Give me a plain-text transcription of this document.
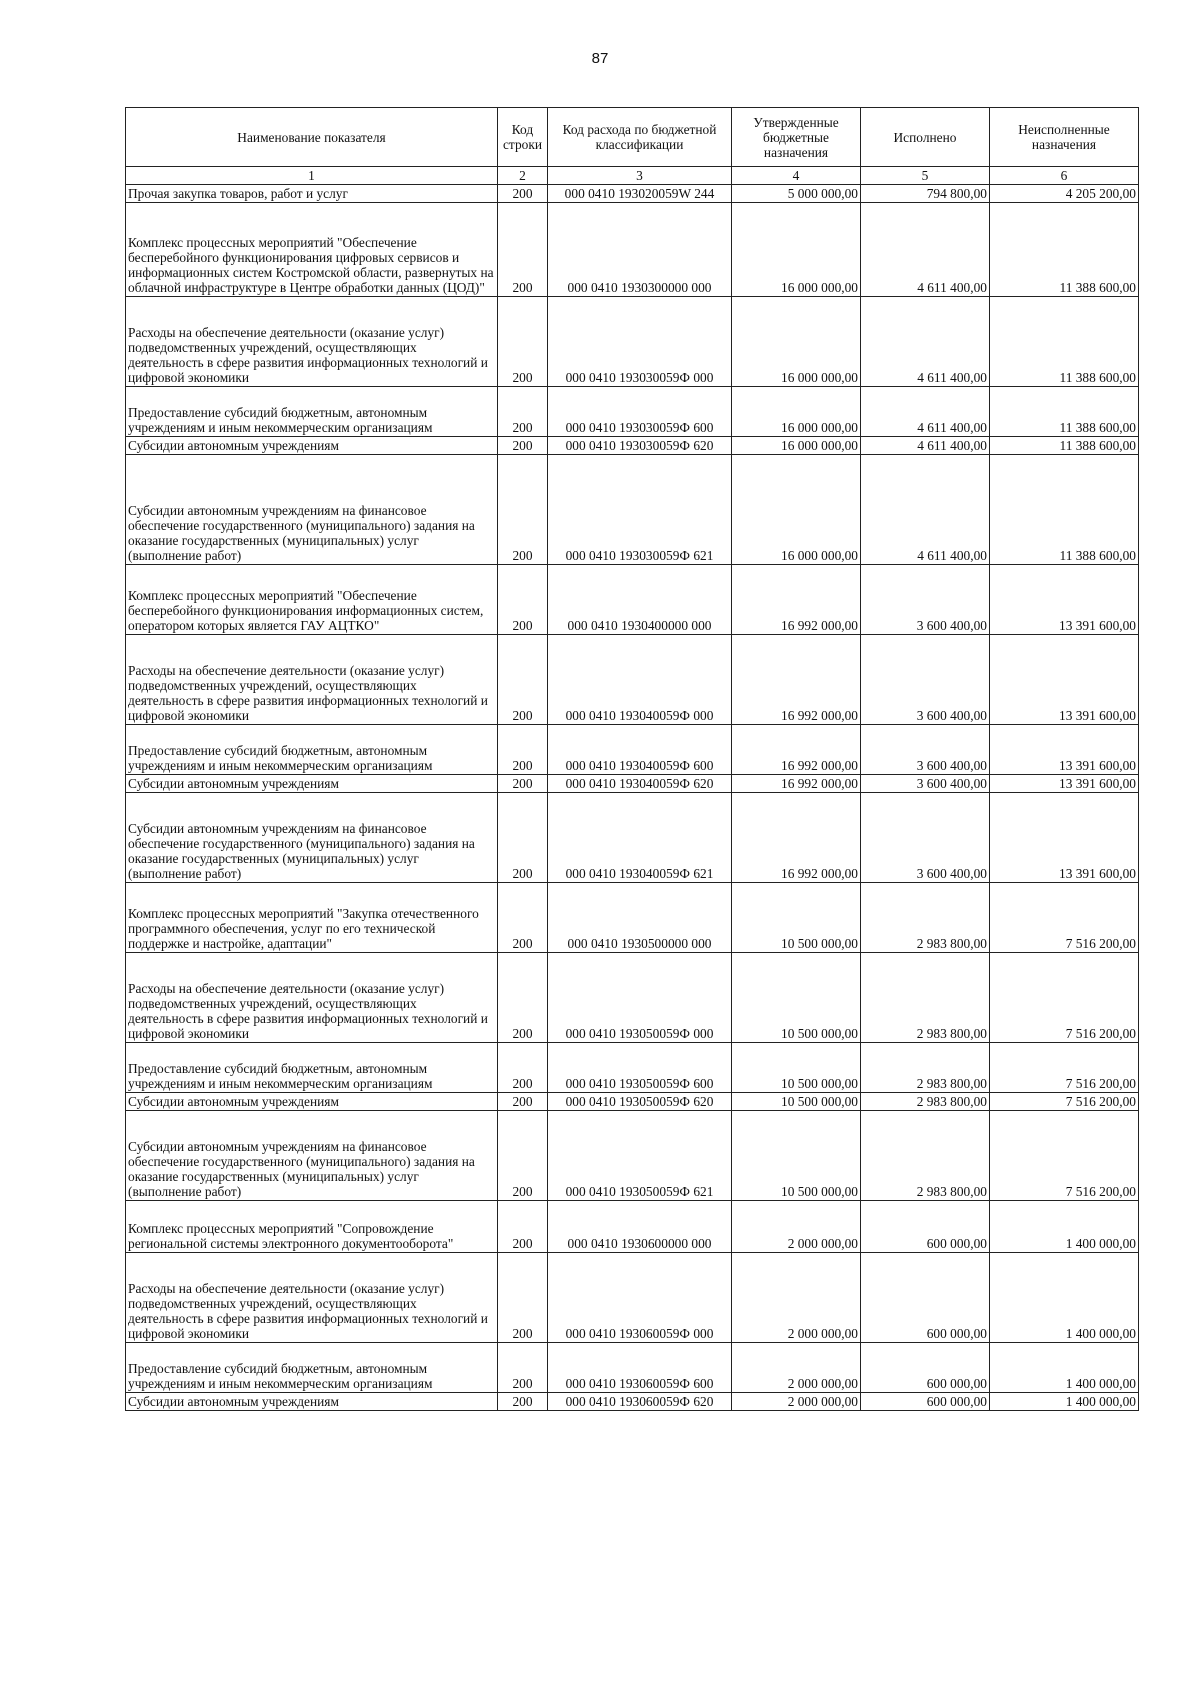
87
Наименование показателя	Код строки	Код расхода по бюджетной классификации	Утвержденные бюджетные назначения	Исполнено	Неисполненные назначения
1	2	3	4	5	6
Прочая закупка товаров, работ и услуг	200	000 0410 193020059W 244	5 000 000,00	794 800,00	4 205 200,00
Комплекс процессных мероприятий "Обеспечение бесперебойного функционирования цифровых сервисов и информационных систем Костромской области, развернутых на облачной инфраструктуре в Центре обработки данных (ЦОД)"	200	000 0410 1930300000 000	16 000 000,00	4 611 400,00	11 388 600,00
Расходы на обеспечение деятельности (оказание услуг) подведомственных учреждений, осуществляющих деятельность в сфере развития информационных технологий и цифровой экономики	200	000 0410 193030059Ф 000	16 000 000,00	4 611 400,00	11 388 600,00
Предоставление субсидий бюджетным, автономным учреждениям и иным некоммерческим организациям	200	000 0410 193030059Ф 600	16 000 000,00	4 611 400,00	11 388 600,00
Субсидии автономным учреждениям	200	000 0410 193030059Ф 620	16 000 000,00	4 611 400,00	11 388 600,00
Субсидии автономным учреждениям на финансовое обеспечение государственного (муниципального) задания на оказание государственных (муниципальных) услуг (выполнение работ)	200	000 0410 193030059Ф 621	16 000 000,00	4 611 400,00	11 388 600,00
Комплекс процессных мероприятий "Обеспечение бесперебойного функционирования информационных систем, оператором которых является ГАУ АЦТКО"	200	000 0410 1930400000 000	16 992 000,00	3 600 400,00	13 391 600,00
Расходы на обеспечение деятельности (оказание услуг) подведомственных учреждений, осуществляющих деятельность в сфере развития информационных технологий и цифровой экономики	200	000 0410 193040059Ф 000	16 992 000,00	3 600 400,00	13 391 600,00
Предоставление субсидий бюджетным, автономным учреждениям и иным некоммерческим организациям	200	000 0410 193040059Ф 600	16 992 000,00	3 600 400,00	13 391 600,00
Субсидии автономным учреждениям	200	000 0410 193040059Ф 620	16 992 000,00	3 600 400,00	13 391 600,00
Субсидии автономным учреждениям на финансовое обеспечение государственного (муниципального) задания на оказание государственных (муниципальных) услуг (выполнение работ)	200	000 0410 193040059Ф 621	16 992 000,00	3 600 400,00	13 391 600,00
Комплекс процессных мероприятий "Закупка отечественного программного обеспечения, услуг по его технической поддержке и настройке, адаптации"	200	000 0410 1930500000 000	10 500 000,00	2 983 800,00	7 516 200,00
Расходы на обеспечение деятельности (оказание услуг) подведомственных учреждений, осуществляющих деятельность в сфере развития информационных технологий и цифровой экономики	200	000 0410 193050059Ф 000	10 500 000,00	2 983 800,00	7 516 200,00
Предоставление субсидий бюджетным, автономным учреждениям и иным некоммерческим организациям	200	000 0410 193050059Ф 600	10 500 000,00	2 983 800,00	7 516 200,00
Субсидии автономным учреждениям	200	000 0410 193050059Ф 620	10 500 000,00	2 983 800,00	7 516 200,00
Субсидии автономным учреждениям на финансовое обеспечение государственного (муниципального) задания на оказание государственных (муниципальных) услуг (выполнение работ)	200	000 0410 193050059Ф 621	10 500 000,00	2 983 800,00	7 516 200,00
Комплекс процессных мероприятий "Сопровождение региональной системы электронного документооборота"	200	000 0410 1930600000 000	2 000 000,00	600 000,00	1 400 000,00
Расходы на обеспечение деятельности (оказание услуг) подведомственных учреждений, осуществляющих деятельность в сфере развития информационных технологий и цифровой экономики	200	000 0410 193060059Ф 000	2 000 000,00	600 000,00	1 400 000,00
Предоставление субсидий бюджетным, автономным учреждениям и иным некоммерческим организациям	200	000 0410 193060059Ф 600	2 000 000,00	600 000,00	1 400 000,00
Субсидии автономным учреждениям	200	000 0410 193060059Ф 620	2 000 000,00	600 000,00	1 400 000,00
